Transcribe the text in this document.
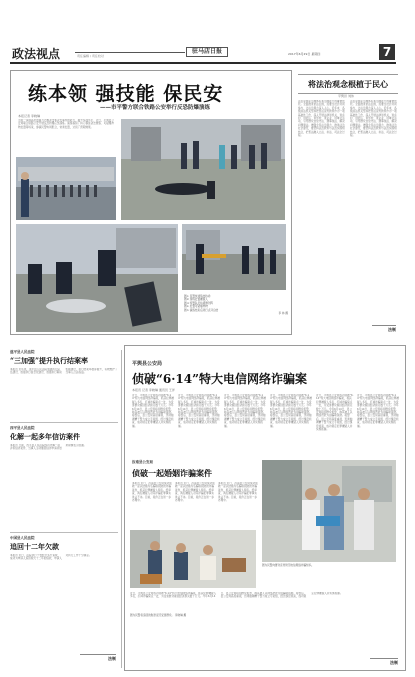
政法视点	责任编辑 / 责任校对
驻马店日报	2017年6月29日 星期四	7
练本领 强技能 保民安
——市平警方联合铁路公安举行反恐防爆演练
本报记者 李晓琳
为进一步提高处置暴力恐怖袭击和突发事件的能力，提升实战水平，近日，平舆县公安局联合铁路公安开展反恐防爆应急演练。演练模拟了持刀暴徒袭击旅客、可疑爆炸物处置等场景，参演民警协同配合，快速处置，达到了预期效果。
图① 民警快速集结待命
图② 现场处置嫌疑人
图③ 特警队员持盾牌列阵
图④ 处置可疑爆炸物
图⑤ 演练结束后进行点评总结
李 林 摄
将法治观念根植于民心
平舆县 刘伟
法治是国家治理体系和治理能力的重要依托。全面推进依法治国，需要全社会共同参与，让法治观念深入人心。近年来，各级政法机关坚持把普法宣传教育作为一项基础性工作，深入开展法律进机关、进乡村、进社区、进学校、进企业、进单位活动，引导群众自觉守法、遇事找法、解决问题靠法。增强全民法治观念，推进法治社会建设，要坚持法治教育与法治实践相结合，把普法融入立法、执法、司法全过程。
法治是国家治理体系和治理能力的重要依托。全面推进依法治国，需要全社会共同参与，让法治观念深入人心。近年来，各级政法机关坚持把普法宣传教育作为一项基础性工作，深入开展法律进机关、进乡村、进社区、进学校、进企业、进单位活动，引导群众自觉守法、遇事找法、解决问题靠法。增强全民法治观念，推进法治社会建设，要坚持法治教育与法治实践相结合，把普法融入立法、执法、司法全过程。
法制
遂平县人民法院
“三加强”提升执行结案率
本报讯 近年来，遂平县人民法院加强执行队伍建设、加强执行信息化建设、加强执行联动机制建设，执行结案率稳步提升，有效维护了当事人合法权益。
西平县人民法院
化解一起多年信访案件
本报讯 日前，西平县人民法院成功化解一起涉诉信访案件，当事人主动撤回信访申请并送来锦旗表示感谢。
中国县人民法院
追回十二年欠款
本报讯 近日，法院执行干警经过多方查找，成功为申请人追回拖欠十二年的借款，申请人对执行工作十分满意。
法制
平舆县公安局
侦破“6·14”特大电信网络诈骗案
本报讯 记者 李晓琳 通讯员 王洋
近日，平舆县公安局成功侦破“6·14”特大电信网络诈骗案，抓获犯罪嫌疑人多名，打掉诈骗窝点一处，为受害群众挽回经济损失数十万元。今年6月14日，县公安局接到群众报警，称其被人以网络贷款为由骗取钱财。接警后，县公安局高度重视，迅速抽调精干警力成立专案组，经过缜密侦查，成功锁定犯罪嫌疑人并实施抓捕。
近日，平舆县公安局成功侦破“6·14”特大电信网络诈骗案，抓获犯罪嫌疑人多名，打掉诈骗窝点一处，为受害群众挽回经济损失数十万元。今年6月14日，县公安局接到群众报警，称其被人以网络贷款为由骗取钱财。接警后，县公安局高度重视，迅速抽调精干警力成立专案组，经过缜密侦查，成功锁定犯罪嫌疑人并实施抓捕。
近日，平舆县公安局成功侦破“6·14”特大电信网络诈骗案，抓获犯罪嫌疑人多名，打掉诈骗窝点一处，为受害群众挽回经济损失数十万元。今年6月14日，县公安局接到群众报警，称其被人以网络贷款为由骗取钱财。接警后，县公安局高度重视，迅速抽调精干警力成立专案组，经过缜密侦查，成功锁定犯罪嫌疑人并实施抓捕。
近日，平舆县公安局成功侦破“6·14”特大电信网络诈骗案，抓获犯罪嫌疑人多名，打掉诈骗窝点一处，为受害群众挽回经济损失数十万元。今年6月14日，县公安局接到群众报警，称其被人以网络贷款为由骗取钱财。接警后，县公安局高度重视，迅速抽调精干警力成立专案组，经过缜密侦查，成功锁定犯罪嫌疑人并实施抓捕。
近日，平舆县公安局成功侦破“6·14”特大电信网络诈骗案，抓获犯罪嫌疑人多名，打掉诈骗窝点一处，为受害群众挽回经济损失数十万元。今年6月14日，县公安局接到群众报警，称其被人以网络贷款为由骗取钱财。接警后，县公安局高度重视，迅速抽调精干警力成立专案组，经过缜密侦查，成功锁定犯罪嫌疑人并实施抓捕。
近日，平舆县公安局成功侦破“6·14”特大电信网络诈骗案，抓获犯罪嫌疑人多名，打掉诈骗窝点一处，为受害群众挽回经济损失数十万元。今年6月14日，县公安局接到群众报警，称其被人以网络贷款为由骗取钱财。接警后，县公安局高度重视，迅速抽调精干警力成立专案组，经过缜密侦查，成功锁定犯罪嫌疑人并实施抓捕。
汝南县公安局
侦破一起婚姻诈骗案件
本报讯 近日，汝南县公安局成功侦破一起以结婚为名骗取钱财的诈骗案件，抓获犯罪嫌疑人两名。经审查，两名嫌疑人对其诈骗犯罪事实供认不讳。目前，案件正在进一步办理中。
本报讯 近日，汝南县公安局成功侦破一起以结婚为名骗取钱财的诈骗案件，抓获犯罪嫌疑人两名。经审查，两名嫌疑人对其诈骗犯罪事实供认不讳。目前，案件正在进一步办理中。
本报讯 近日，汝南县公安局成功侦破一起以结婚为名骗取钱财的诈骗案件，抓获犯罪嫌疑人两名。经审查，两名嫌疑人对其诈骗犯罪事实供认不讳。目前，案件正在进一步办理中。
图为民警向群众宣传防范电信网络诈骗知识。
近日，平舆县公安局成功侦破“6·14”特大电信网络诈骗案，抓获犯罪嫌疑人多名，打掉诈骗窝点一处，为受害群众挽回经济损失数十万元。今年6月14日，县公安局接到群众报警，称其被人以网络贷款为由骗取钱财。接警后，县公安局高度重视，迅速抽调精干警力成立专案组，经过缜密侦查，成功锁定犯罪嫌疑人并实施抓捕。
图为民警将追回的赃款返还受害群众。 李晓琳 摄
法制
